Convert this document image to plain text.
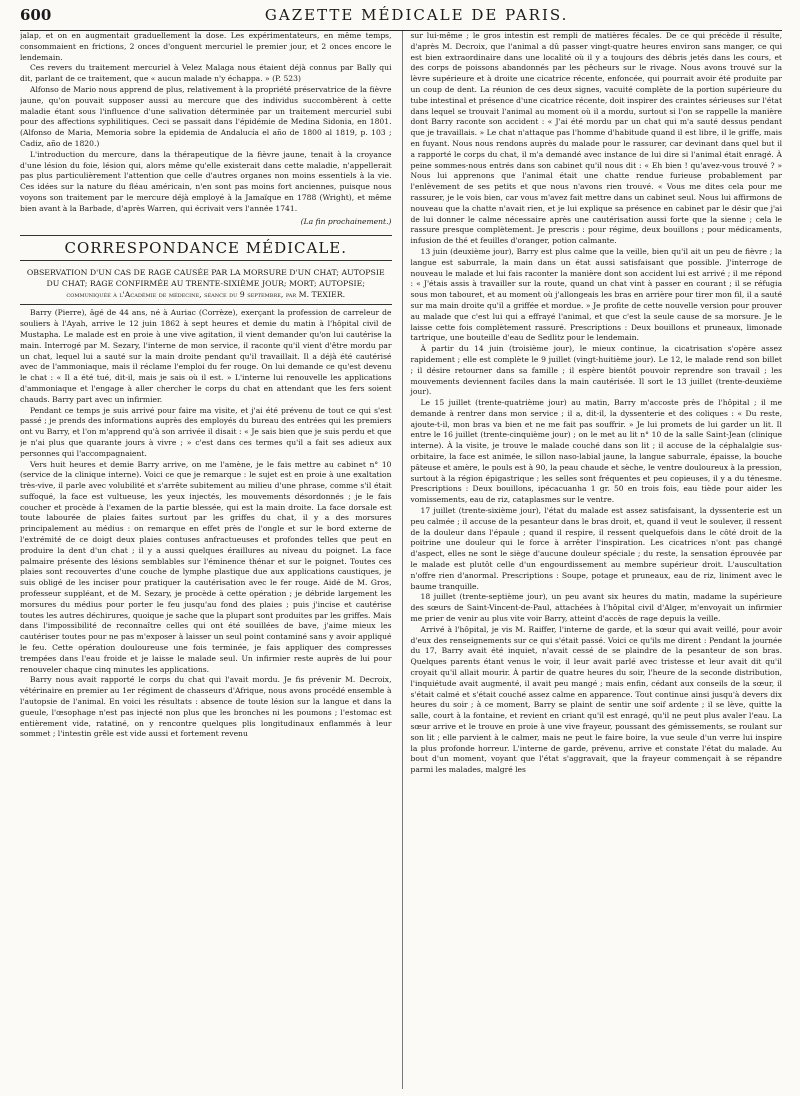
600	GAZETTE MÉDICALE DE PARIS.

jalap, et on en augmentait graduellement la dose. Les expérimentateurs, en même temps, consommaient en frictions, 2 onces d'onguent mercuriel le premier jour, et 2 onces encore le lendemain.

Ces revers du traitement mercuriel à Velez Malaga nous étaient déjà connus par Bally qui dit, parlant de ce traitement, que « aucun malade n'y échappa. » (P. 523)

Alfonso de Mario nous apprend de plus, relativement à la propriété préservatrice de la fièvre jaune, qu'on pouvait supposer aussi au mercure que des individus succombèrent à cette maladie étant sous l'influence d'une salivation déterminée par un traitement mercuriel subi pour des affections syphilitiques. Ceci se passait dans l'épidémie de Medina Sidonia, en 1801. (Alfonso de Maria, Memoria sobre la epidemia de Andalucía el año de 1800 al 1819, p. 103 ; Cadiz, año de 1820.)

L'introduction du mercure, dans la thérapeutique de la fièvre jaune, tenait à la croyance d'une lésion du foie, lésion qui, alors même qu'elle existerait dans cette maladie, n'appellerait pas plus particulièrement l'attention que celle d'autres organes non moins essentiels à la vie. Ces idées sur la nature du fléau américain, n'en sont pas moins fort anciennes, puisque nous voyons son traitement par le mercure déjà employé à la Jamaïque en 1788 (Wright), et même bien avant à la Barbade, d'après Warren, qui écrivait vers l'année 1741.

(La fin prochainement.)

CORRESPONDANCE MÉDICALE.
OBSERVATION D'UN CAS DE RAGE CAUSÉE PAR LA MORSURE D'UN CHAT; AUTOPSIE DU CHAT; RAGE CONFIRMÉE AU TRENTE-SIXIÈME JOUR; MORT; AUTOPSIE; communiquée à l'Académie de médecine, séance du 9 septembre, par M. TEXIER.

Barry (Pierre), âgé de 44 ans, né à Auriac (Corrèze), exerçant la profession de carreleur de souliers à l'Ayah, arrive le 12 juin 1862 à sept heures et demie du matin à l'hôpital civil de Mustapha. Le malade est en proie à une vive agitation, il vient demander qu'on lui cautérise la main. Interrogé par M. Sezary, l'interne de mon service, il raconte qu'il vient d'être mordu par un chat, lequel lui a sauté sur la main droite pendant qu'il travaillait. Il a déjà été cautérisé avec de l'ammoniaque, mais il réclame l'emploi du fer rouge. On lui demande ce qu'est devenu le chat : « Il a été tué, dit-il, mais je sais où il est. » L'interne lui renouvelle les applications d'ammoniaque et l'engage à aller chercher le corps du chat en attendant que les fers soient chauds. Barry part avec un infirmier.

Pendant ce temps je suis arrivé pour faire ma visite, et j'ai été prévenu de tout ce qui s'est passé ; je prends des informations auprès des employés du bureau des entrées qui les premiers ont vu Barry, et l'on m'apprend qu'à son arrivée il disait : « Je sais bien que je suis perdu et que je n'ai plus que quarante jours à vivre ; » c'est dans ces termes qu'il a fait ses adieux aux personnes qui l'accompagnaient.

Vers huit heures et demie Barry arrive, on me l'amène, je le fais mettre au cabinet n° 10 (service de la clinique interne). Voici ce que je remarque : le sujet est en proie à une exaltation très-vive, il parle avec volubilité et s'arrête subitement au milieu d'une phrase, comme s'il était suffoqué, la face est vultueuse, les yeux injectés, les mouvements désordonnés ; je le fais coucher et procède à l'examen de la partie blessée, qui est la main droite. La face dorsale est toute labourée de plaies faites surtout par les griffes du chat, il y a des morsures principalement au médius : on remarque en effet près de l'ongle et sur le bord externe de l'extrémité de ce doigt deux plaies contuses anfractueuses et profondes telles que peut en produire la dent d'un chat ; il y a aussi quelques éraillures au niveau du poignet. La face palmaire présente des lésions semblables sur l'éminence thénar et sur le poignet. Toutes ces plaies sont recouvertes d'une couche de lymphe plastique due aux applications caustiques, je suis obligé de les inciser pour pratiquer la cautérisation avec le fer rouge. Aidé de M. Gros, professeur suppléant, et de M. Sezary, je procède à cette opération ; je débride largement les morsures du médius pour porter le feu jusqu'au fond des plaies ; puis j'incise et cautérise toutes les autres déchirures, quoique je sache que la plupart sont produites par les griffes. Mais dans l'impossibilité de reconnaître celles qui ont été souillées de bave, j'aime mieux les cautériser toutes pour ne pas m'exposer à laisser un seul point contaminé sans y avoir appliqué le feu. Cette opération douloureuse une fois terminée, je fais appliquer des compresses trempées dans l'eau froide et je laisse le malade seul. Un infirmier reste auprès de lui pour renouveler chaque cinq minutes les applications.

Barry nous avait rapporté le corps du chat qui l'avait mordu. Je fis prévenir M. Decroix, vétérinaire en premier au 1er régiment de chasseurs d'Afrique, nous avons procédé ensemble à l'autopsie de l'animal. En voici les résultats : absence de toute lésion sur la langue et dans la gueule, l'œsophage n'est pas injecté non plus que les bronches ni les poumons ; l'estomac est entièrement vide, ratatiné, on y rencontre quelques plis longitudinaux enflammés à leur sommet ; l'intestin grêle est vide aussi et fortement revenu

sur lui-même ; le gros intestin est rempli de matières fécales. De ce qui précède il résulte, d'après M. Decroix, que l'animal a dû passer vingt-quatre heures environ sans manger, ce qui est bien extraordinaire dans une localité où il y a toujours des débris jetés dans les cours, et des corps de poissons abandonnés par les pêcheurs sur le rivage. Nous avons trouvé sur la lèvre supérieure et à droite une cicatrice récente, enfoncée, qui pourrait avoir été produite par un coup de dent. La réunion de ces deux signes, vacuité complète de la portion supérieure du tube intestinal et présence d'une cicatrice récente, doit inspirer des craintes sérieuses sur l'état dans lequel se trouvait l'animal au moment où il a mordu, surtout si l'on se rappelle la manière dont Barry raconte son accident : « J'ai été mordu par un chat qui m'a sauté dessus pendant que je travaillais. » Le chat n'attaque pas l'homme d'habitude quand il est libre, il le griffe, mais en fuyant. Nous nous rendons auprès du malade pour le rassurer, car devinant dans quel but il a rapporté le corps du chat, il m'a demandé avec instance de lui dire si l'animal était enragé. À peine sommes-nous entrés dans son cabinet qu'il nous dit : « Eh bien ! qu'avez-vous trouvé ? » Nous lui apprenons que l'animal était une chatte rendue furieuse probablement par l'enlèvement de ses petits et que nous n'avons rien trouvé. « Vous me dites cela pour me rassurer, je le vois bien, car vous m'avez fait mettre dans un cabinet seul. Nous lui affirmons de nouveau que la chatte n'avait rien, et je lui explique sa présence en cabinet par le désir que j'ai de lui donner le calme nécessaire après une cautérisation aussi forte que la sienne ; cela le rassure presque complètement. Je prescris : pour régime, deux bouillons ; pour médicaments, infusion de thé et feuilles d'oranger, potion calmante.

13 juin (deuxième jour), Barry est plus calme que la veille, bien qu'il ait un peu de fièvre ; la langue est saburrale, la main dans un état aussi satisfaisant que possible. J'interroge de nouveau le malade et lui fais raconter la manière dont son accident lui est arrivé ; il me répond : « J'étais assis à travailler sur la route, quand un chat vint à passer en courant ; il se réfugia sous mon tabouret, et au moment où j'allongeais les bras en arrière pour tirer mon fil, il a sauté sur ma main droite qu'il a griffée et mordue. » Je profite de cette nouvelle version pour prouver au malade que c'est lui qui a effrayé l'animal, et que c'est la seule cause de sa morsure. Je le laisse cette fois complètement rassuré. Prescriptions : Deux bouillons et pruneaux, limonade tartrique, une bouteille d'eau de Sedlitz pour le lendemain.

À partir du 14 juin (troisième jour), le mieux continue, la cicatrisation s'opère assez rapidement ; elle est complète le 9 juillet (vingt-huitième jour). Le 12, le malade rend son billet ; il désire retourner dans sa famille ; il espère bientôt pouvoir reprendre son travail ; les mouvements deviennent faciles dans la main cautérisée. Il sort le 13 juillet (trente-deuxième jour).

Le 15 juillet (trente-quatrième jour) au matin, Barry m'accoste près de l'hôpital ; il me demande à rentrer dans mon service ; il a, dit-il, la dyssenterie et des coliques : « Du reste, ajoute-t-il, mon bras va bien et ne me fait pas souffrir. » Je lui promets de lui garder un lit. Il entre le 16 juillet (trente-cinquième jour) ; on le met au lit n° 10 de la salle Saint-Jean (clinique interne). À la visite, je trouve le malade couché dans son lit ; il accuse de la céphalalgie sus-orbitaire, la face est animée, le sillon naso-labial jaune, la langue saburrale, épaisse, la bouche pâteuse et amère, le pouls est à 90, la peau chaude et sèche, le ventre douloureux à la pression, surtout à la région épigastrique ; les selles sont fréquentes et peu copieuses, il y a du ténesme. Prescriptions : Deux bouillons, ipécacuanha 1 gr. 50 en trois fois, eau tiède pour aider les vomissements, eau de riz, cataplasmes sur le ventre.

17 juillet (trente-sixième jour), l'état du malade est assez satisfaisant, la dyssenterie est un peu calmée ; il accuse de la pesanteur dans le bras droit, et, quand il veut le soulever, il ressent de la douleur dans l'épaule ; quand il respire, il ressent quelquefois dans le côté droit de la poitrine une douleur qui le force à arrêter l'inspiration. Les cicatrices n'ont pas changé d'aspect, elles ne sont le siège d'aucune douleur spéciale ; du reste, la sensation éprouvée par le malade est plutôt celle d'un engourdissement au membre supérieur droit. L'auscultation n'offre rien d'anormal. Prescriptions : Soupe, potage et pruneaux, eau de riz, liniment avec le baume tranquille.

18 juillet (trente-septième jour), un peu avant six heures du matin, madame la supérieure des sœurs de Saint-Vincent-de-Paul, attachées à l'hôpital civil d'Alger, m'envoyait un infirmier me prier de venir au plus vite voir Barry, atteint d'accès de rage depuis la veille.

Arrivé à l'hôpital, je vis M. Raiffer, l'interne de garde, et la sœur qui avait veillé, pour avoir d'eux des renseignements sur ce qui s'était passé. Voici ce qu'ils me dirent : Pendant la journée du 17, Barry avait été inquiet, n'avait cessé de se plaindre de la pesanteur de son bras. Quelques parents étant venus le voir, il leur avait parlé avec tristesse et leur avait dit qu'il croyait qu'il allait mourir. À partir de quatre heures du soir, l'heure de la seconde distribution, l'inquiétude avait augmenté, il avait peu mangé ; mais enfin, cédant aux conseils de la sœur, il s'était calmé et s'était couché assez calme en apparence. Tout continue ainsi jusqu'à devers dix heures du soir ; à ce moment, Barry se plaint de sentir une soif ardente ; il se lève, quitte la salle, court à la fontaine, et revient en criant qu'il est enragé, qu'il ne peut plus avaler l'eau. La sœur arrive et le trouve en proie à une vive frayeur, poussant des gémissements, se roulant sur son lit ; elle parvient à le calmer, mais ne peut le faire boire, la vue seule d'un verre lui inspire la plus profonde horreur. L'interne de garde, prévenu, arrive et constate l'état du malade. Au bout d'un moment, voyant que l'état s'aggravait, que la frayeur commençait à se répandre parmi les malades, malgré les
